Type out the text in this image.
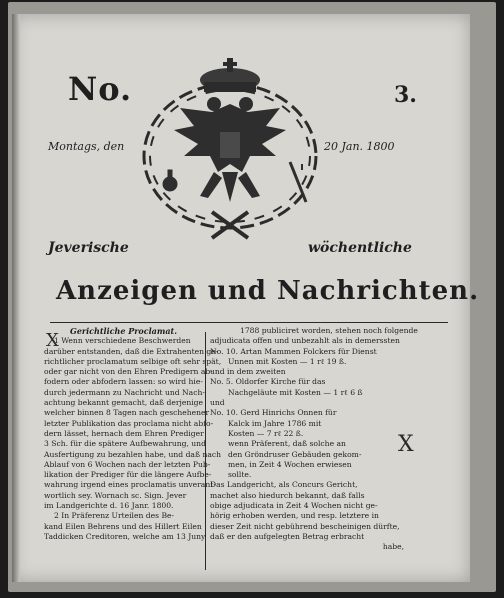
No.	3.
Montags, den	20 Jan. 1800
Jeverische	wöchentliche
Anzeigen und Nachrichten.
X
X
Gerichtliche Proclamat.
1 Wenn verschiedene Beschwerden
darüber entstanden, daß die Extrahenten ge-
richtlicher proclamatum selbige oft sehr spät,
oder gar nicht von den Ehren Predigern ab-
fodern oder abfodern lassen: so wird hie-
durch jedermann zu Nachricht und Nach-
achtung bekannt gemacht, daß derjenige
welcher binnen 8 Tagen nach geschehener
letzter Publikation das proclama nicht abfo-
dern lässet, hernach dem Ehren Prediger
3 Sch. für die spätere Aufbewahrung, und
Ausfertigung zu bezahlen habe, und daß nach
Ablauf von 6 Wochen nach der letzten Pub-
likation der Prediger für die längere Aufbe-
wahrung irgend eines proclamatis unverant-
wortlich sey. Wornach sc. Sign. Jever
im Landgerichte d. 16 Janr. 1800.
2 In Präferenz Urteilen des Be-
kand Eilen Behrens und des Hillert Eilen
Taddicken Creditoren, welche am 13 Juny
1788 publiciret worden, stehen noch folgende
adjudicata offen und unbezahlt als in demerssten
No. 10. Artan Mammen Folckers für Dienst
Unnen mit Kosten — 1 rℓ 19 ß.
und in dem zweiten
No. 5. Oldorfer Kirche für das
Nachgeläute mit Kosten — 1 rℓ 6 ß
und
No. 10. Gerd Hinrichs Onnen für
Kalck im Jahre 1786 mit
Kosten — 7 rℓ 22 ß.
wenn Präferent, daß solche an
den Gröndruser Gebäuden gekom-
men, in Zeit 4 Wochen erwiesen
sollte.
Das Landgericht, als Concurs Gericht,
machet also hiedurch bekannt, daß falls
obige adjudicata in Zeit 4 Wochen nicht ge-
hörig erhoben werden, und resp. letztere in
dieser Zeit nicht gebührend bescheinigen dürfte,
daß er den aufgelegten Betrag erbracht
habe,
